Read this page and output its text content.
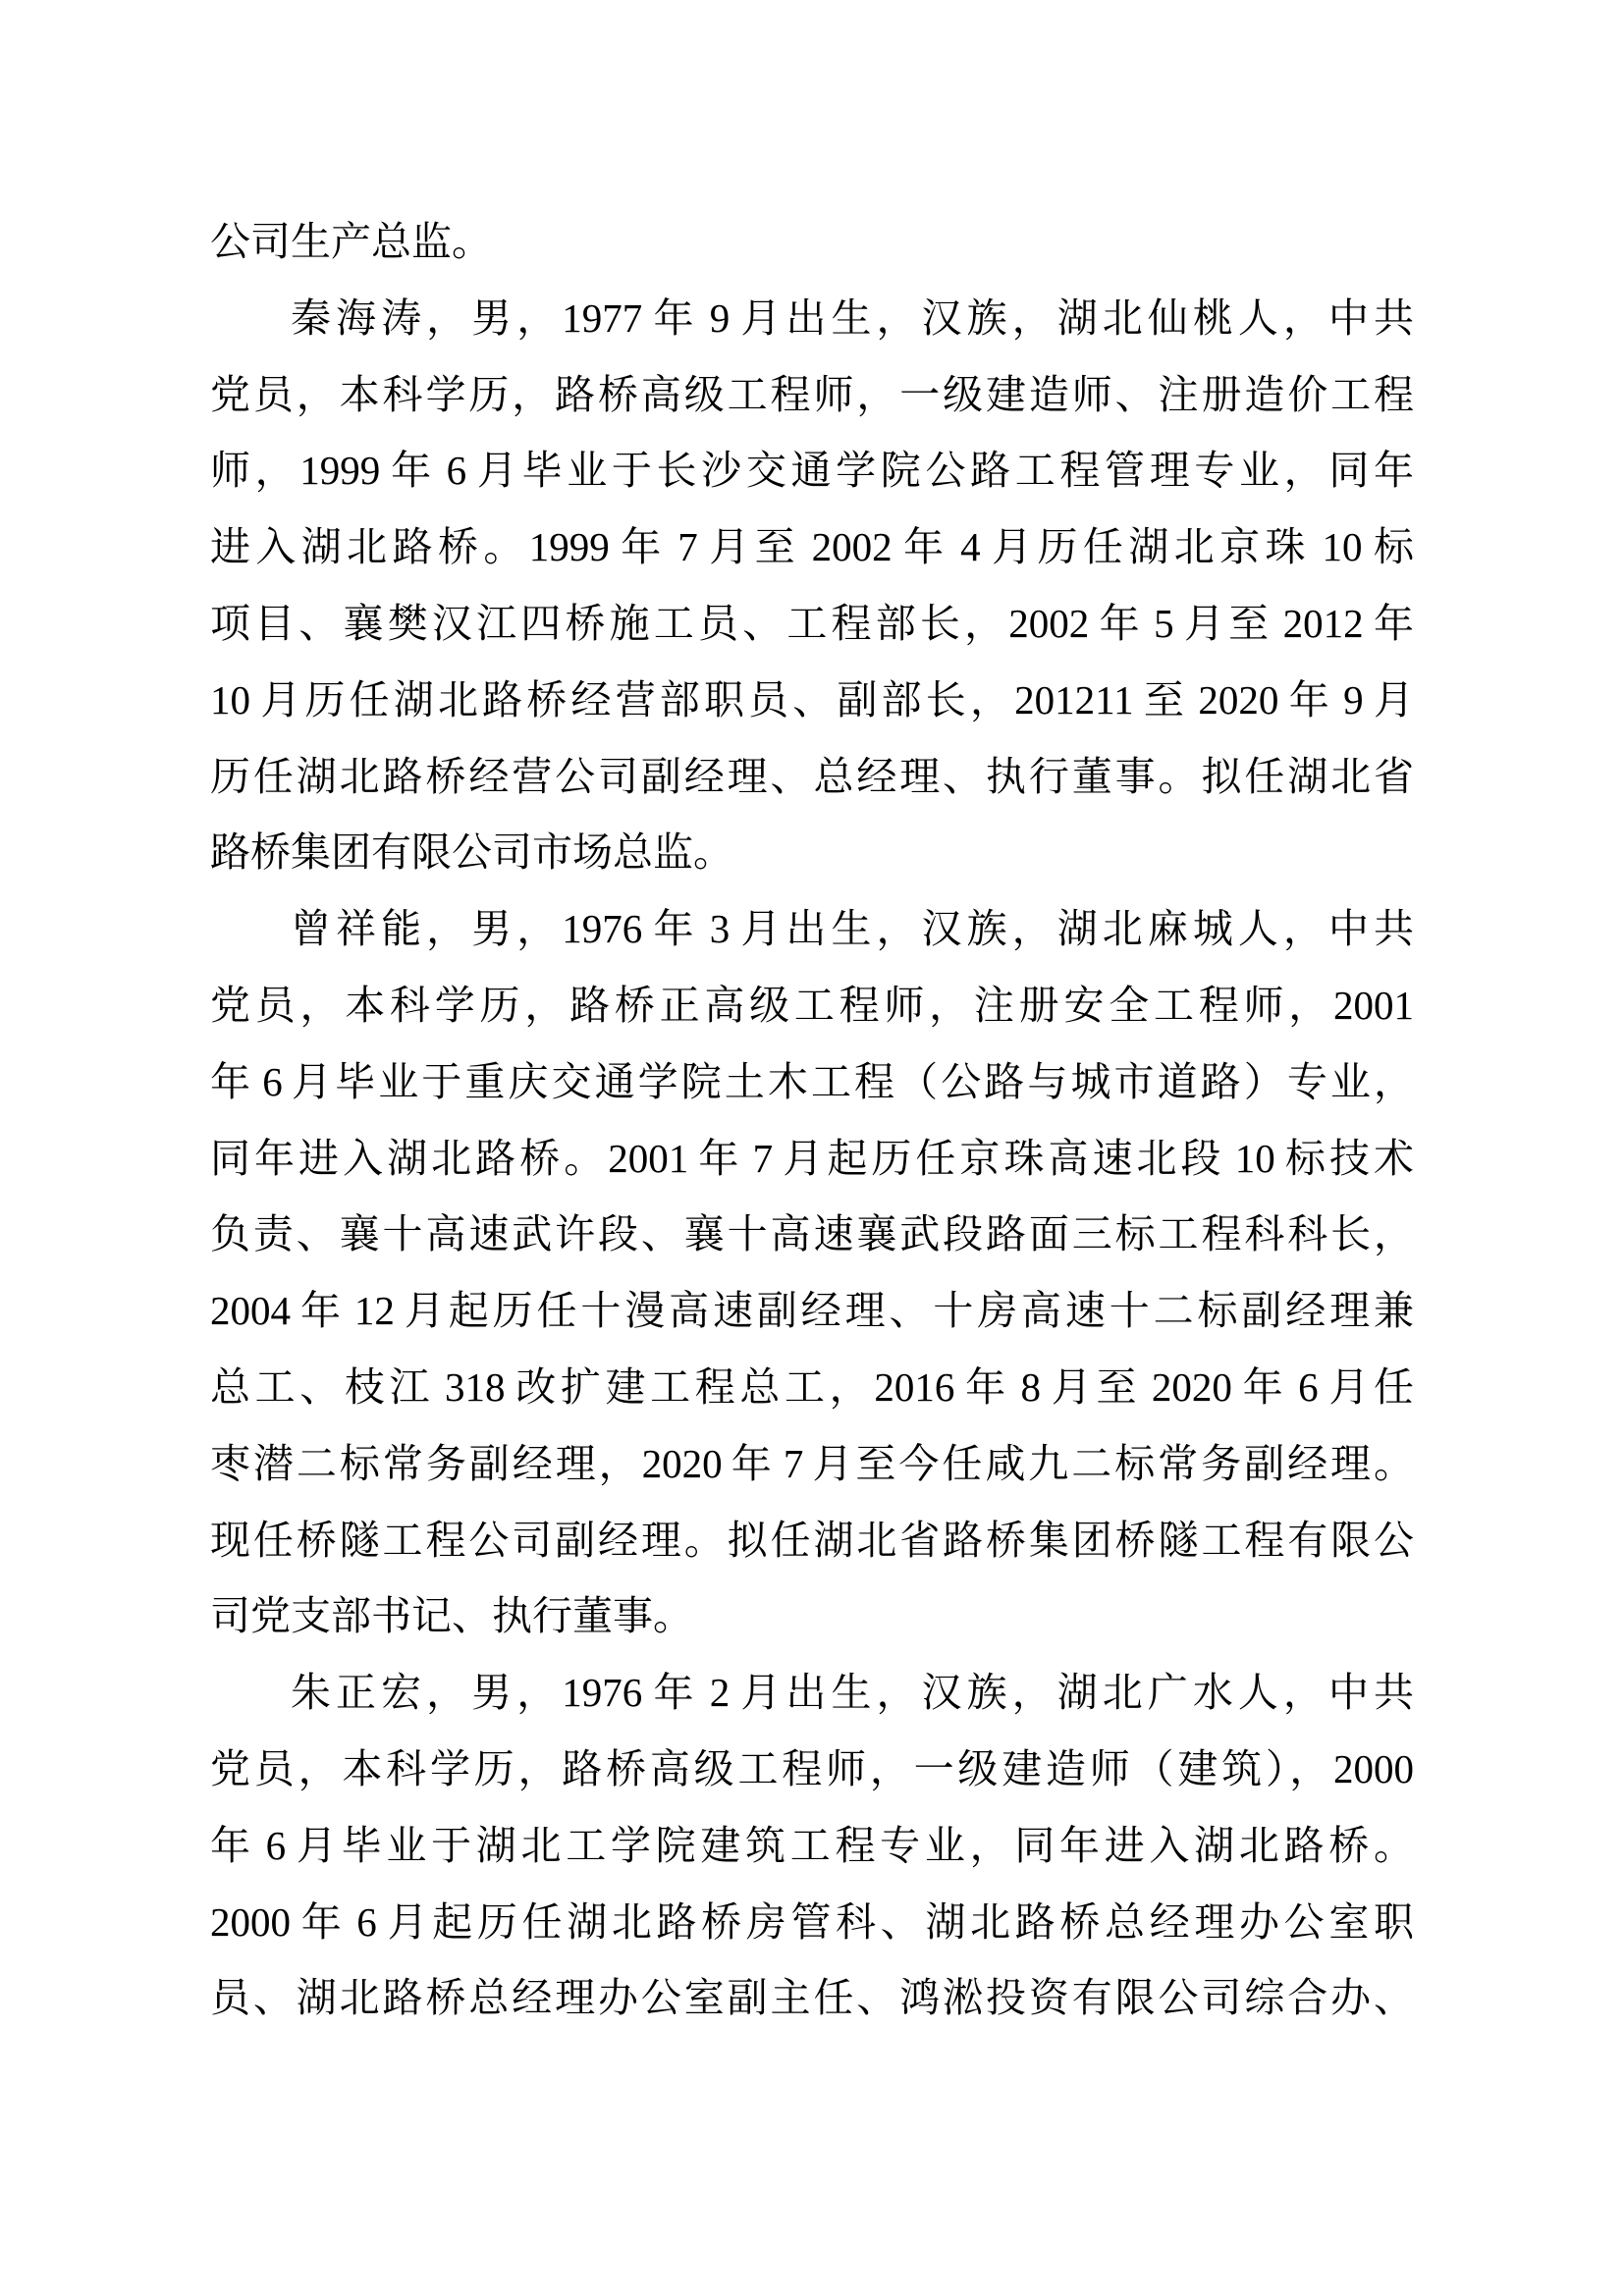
公司生产总监。
秦海涛，男，1977 年 9 月出生，汉族，湖北仙桃人，中共
党员，本科学历，路桥高级工程师，一级建造师、注册造价工程
师，1999 年 6 月毕业于长沙交通学院公路工程管理专业，同年
进入湖北路桥。1999 年 7 月至 2002 年 4 月历任湖北京珠 10 标
项目、襄樊汉江四桥施工员、工程部长，2002 年 5 月至 2012 年
10 月历任湖北路桥经营部职员、副部长，201211 至 2020 年 9 月
历任湖北路桥经营公司副经理、总经理、执行董事。拟任湖北省
路桥集团有限公司市场总监。
曾祥能，男，1976 年 3 月出生，汉族，湖北麻城人，中共
党员，本科学历，路桥正高级工程师，注册安全工程师，2001
年 6 月毕业于重庆交通学院土木工程（公路与城市道路）专业，
同年进入湖北路桥。2001 年 7 月起历任京珠高速北段 10 标技术
负责、襄十高速武许段、襄十高速襄武段路面三标工程科科长，
2004 年 12 月起历任十漫高速副经理、十房高速十二标副经理兼
总工、枝江 318 改扩建工程总工，2016 年 8 月至 2020 年 6 月任
枣潜二标常务副经理，2020 年 7 月至今任咸九二标常务副经理。
现任桥隧工程公司副经理。拟任湖北省路桥集团桥隧工程有限公
司党支部书记、执行董事。
朱正宏，男，1976 年 2 月出生，汉族，湖北广水人，中共
党员，本科学历，路桥高级工程师，一级建造师（建筑），2000
年 6 月毕业于湖北工学院建筑工程专业，同年进入湖北路桥。
2000 年 6 月起历任湖北路桥房管科、湖北路桥总经理办公室职
员、湖北路桥总经理办公室副主任、鸿淞投资有限公司综合办、
